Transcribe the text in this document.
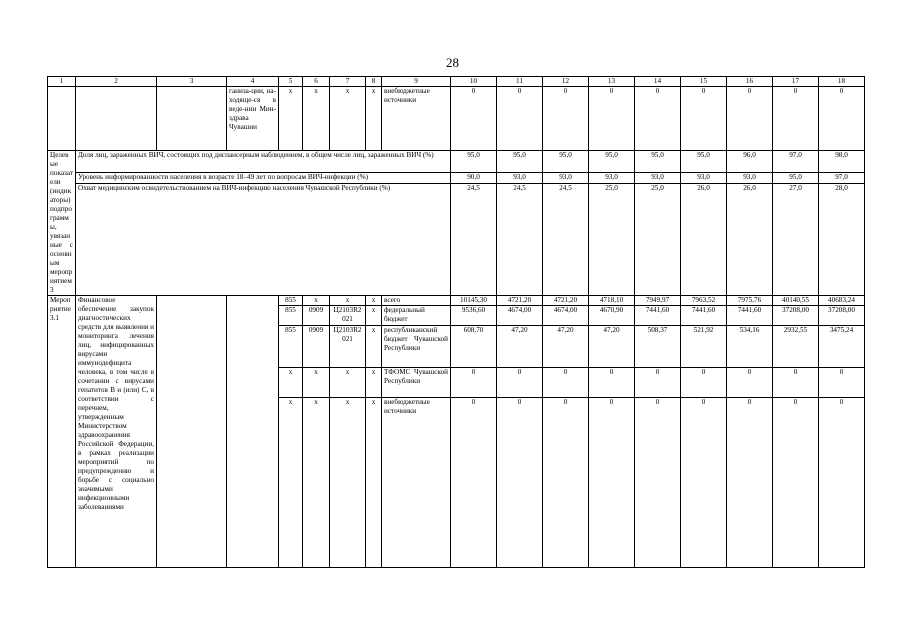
28
1	2	3	4	5	6	7	8	9	10	11	12	13	14	15	16	17	18
			ганиза-ции, на-ходяще-ся в веде-нии Мин-здрава Чувашии	x	x	x	x	внебюджетные источники	0	0	0	0	0	0	0	0	0
Целевые показатели (индикаторы) подпрограммы, увязанные с основным мероприятием 3	Доля лиц, зараженных ВИЧ, состоящих под диспансерным наблюдением, в общем числе лиц, зараженных ВИЧ (%)								95,0	95,0	95,0	95,0	95,0	95,0	96,0	97,0	98,0
	Уровень информированности населения в возрасте 18–49 лет по вопросам ВИЧ-инфекции (%)								90,0	93,0	93,0	93,0	93,0	93,0	93,0	95,0	97,0
	Охват медицинским освидетельствованием на ВИЧ-инфекцию населения Чувашской Республики (%)								24,5	24,5	24,5	25,0	25,0	26,0	26,0	27,0	28,0
Мероприятие 3.1	Финансовое обеспечение закупок диагностических средств для выявления и мониторинга лечения лиц, инфицированных вирусами иммунодефицита человека, в том числе в сочетании с вирусами гепатитов B и (или) C, в соответствии с перечнем, утвержденным Министерством здравоохранения Российской Федерации, в рамках реализации мероприятий по предупреждению и борьбе с социально значимыми инфекционными заболеваниями			855	x	x	x	всего	10145,30	4721,20	4721,20	4718,10	7949,97	7963,52	7975,76	40140,55	40683,24
				855	0909	Ц2103R2 021	x	федеральный бюджет	9536,60	4674,00	4674,00	4670,90	7441,60	7441,60	7441,60	37208,00	37208,00
				855	0909	Ц2103R2 021	x	республиканский бюджет Чувашской Республики	608,70	47,20	47,20	47,20	508,37	521,92	534,16	2932,55	3475,24
				x	x	x	x	ТФОМС Чувашской Республики	0	0	0	0	0	0	0	0	0
				x	x	x	x	внебюджетные источники	0	0	0	0	0	0	0	0	0
